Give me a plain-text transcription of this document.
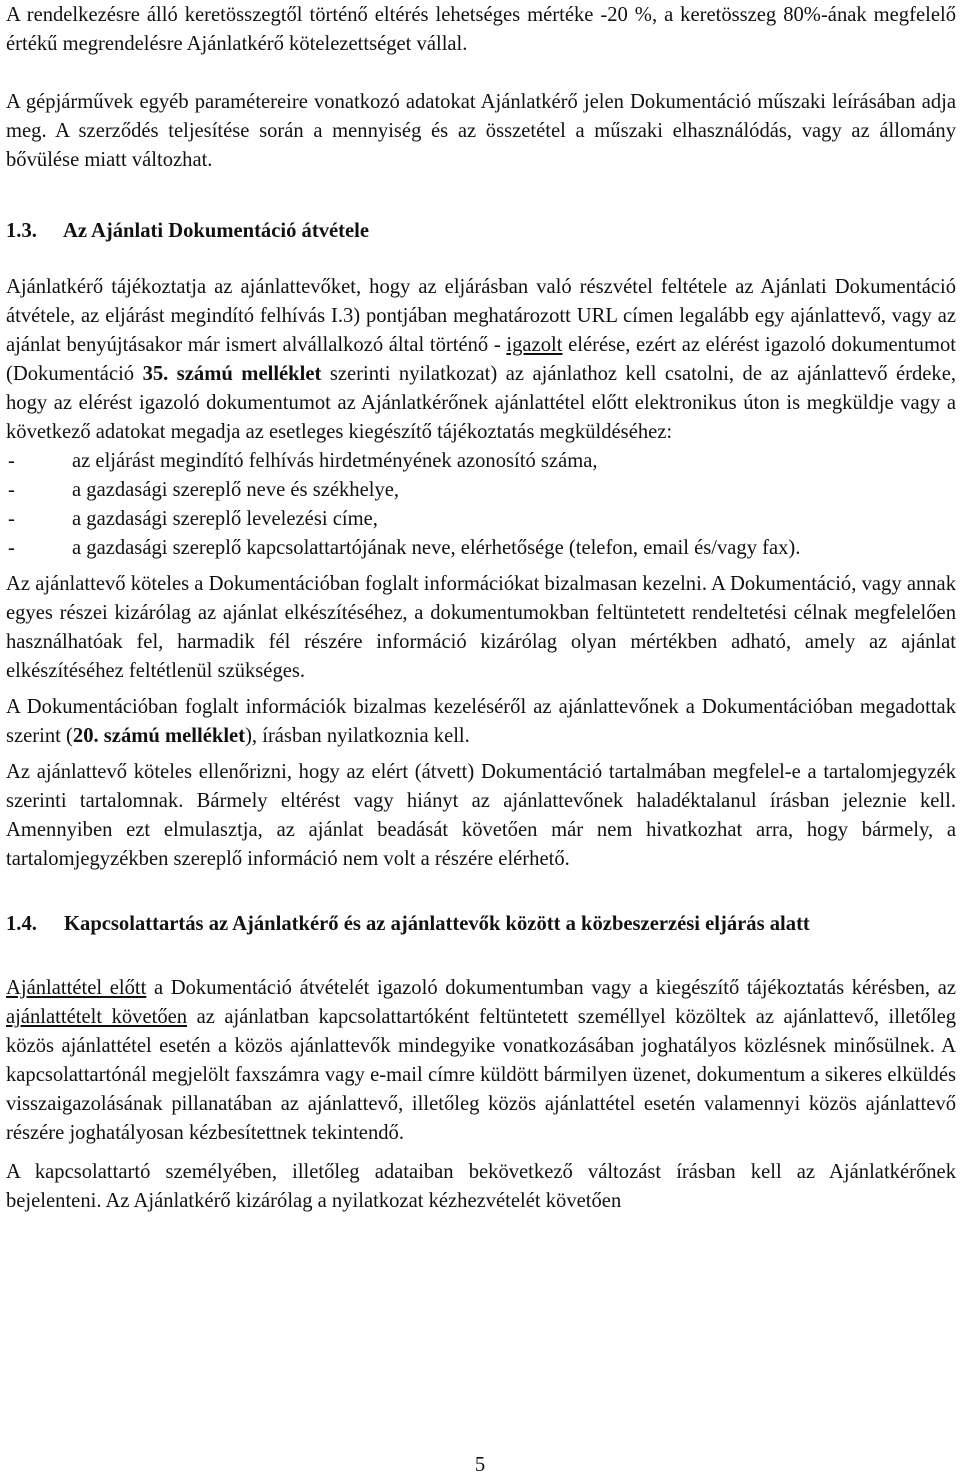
A rendelkezésre álló keretösszegtől történő eltérés lehetséges mértéke -20 %, a keretösszeg 80%-ának megfelelő értékű megrendelésre Ajánlatkérő kötelezettséget vállal.

A gépjárművek egyéb paramétereire vonatkozó adatokat Ajánlatkérő jelen Dokumentáció műszaki leírásában adja meg. A szerződés teljesítése során a mennyiség és az összetétel a műszaki elhasználódás, vagy az állomány bővülése miatt változhat.

1.3.	Az Ajánlati Dokumentáció átvétele

Ajánlatkérő tájékoztatja az ajánlattevőket, hogy az eljárásban való részvétel feltétele az Ajánlati Dokumentáció átvétele, az eljárást megindító felhívás I.3) pontjában meghatározott URL címen legalább egy ajánlattevő, vagy az ajánlat benyújtásakor már ismert alvállalkozó által történő - igazolt elérése, ezért az elérést igazoló dokumentumot (Dokumentáció 35. számú melléklet szerinti nyilatkozat) az ajánlathoz kell csatolni, de az ajánlattevő érdeke, hogy az elérést igazoló dokumentumot az Ajánlatkérőnek ajánlattétel előtt elektronikus úton is megküldje vagy a következő adatokat megadja az esetleges kiegészítő tájékoztatás megküldéséhez:

-	az eljárást megindító felhívás hirdetményének azonosító száma,
-	a gazdasági szereplő neve és székhelye,
-	a gazdasági szereplő levelezési címe,
-	a gazdasági szereplő kapcsolattartójának neve, elérhetősége (telefon, email és/vagy fax).

Az ajánlattevő köteles a Dokumentációban foglalt információkat bizalmasan kezelni. A Dokumentáció, vagy annak egyes részei kizárólag az ajánlat elkészítéséhez, a dokumentumokban feltüntetett rendeltetési célnak megfelelően használhatóak fel, harmadik fél részére információ kizárólag olyan mértékben adható, amely az ajánlat elkészítéséhez feltétlenül szükséges.

A Dokumentációban foglalt információk bizalmas kezeléséről az ajánlattevőnek a Dokumentációban megadottak szerint (20. számú melléklet), írásban nyilatkoznia kell.

Az ajánlattevő köteles ellenőrizni, hogy az elért (átvett) Dokumentáció tartalmában megfelel-e a tartalomjegyzék szerinti tartalomnak. Bármely eltérést vagy hiányt az ajánlattevőnek haladéktalanul írásban jeleznie kell. Amennyiben ezt elmulasztja, az ajánlat beadását követően már nem hivatkozhat arra, hogy bármely, a tartalomjegyzékben szereplő információ nem volt a részére elérhető.

1.4.	Kapcsolattartás az Ajánlatkérő és az ajánlattevők között a közbeszerzési eljárás alatt

Ajánlattétel előtt a Dokumentáció átvételét igazoló dokumentumban vagy a kiegészítő tájékoztatás kérésben, az ajánlattételt követően az ajánlatban kapcsolattartóként feltüntetett személlyel közöltek az ajánlattevő, illetőleg közös ajánlattétel esetén a közös ajánlattevők mindegyike vonatkozásában joghatályos közlésnek minősülnek. A kapcsolattartónál megjelölt faxszámra vagy e-mail címre küldött bármilyen üzenet, dokumentum a sikeres elküldés visszaigazolásának pillanatában az ajánlattevő, illetőleg közös ajánlattétel esetén valamennyi közös ajánlattevő részére joghatályosan kézbesítettnek tekintendő.

A kapcsolattartó személyében, illetőleg adataiban bekövetkező változást írásban kell az Ajánlatkérőnek bejelenteni. Az Ajánlatkérő kizárólag a nyilatkozat kézhezvételét követően

5
